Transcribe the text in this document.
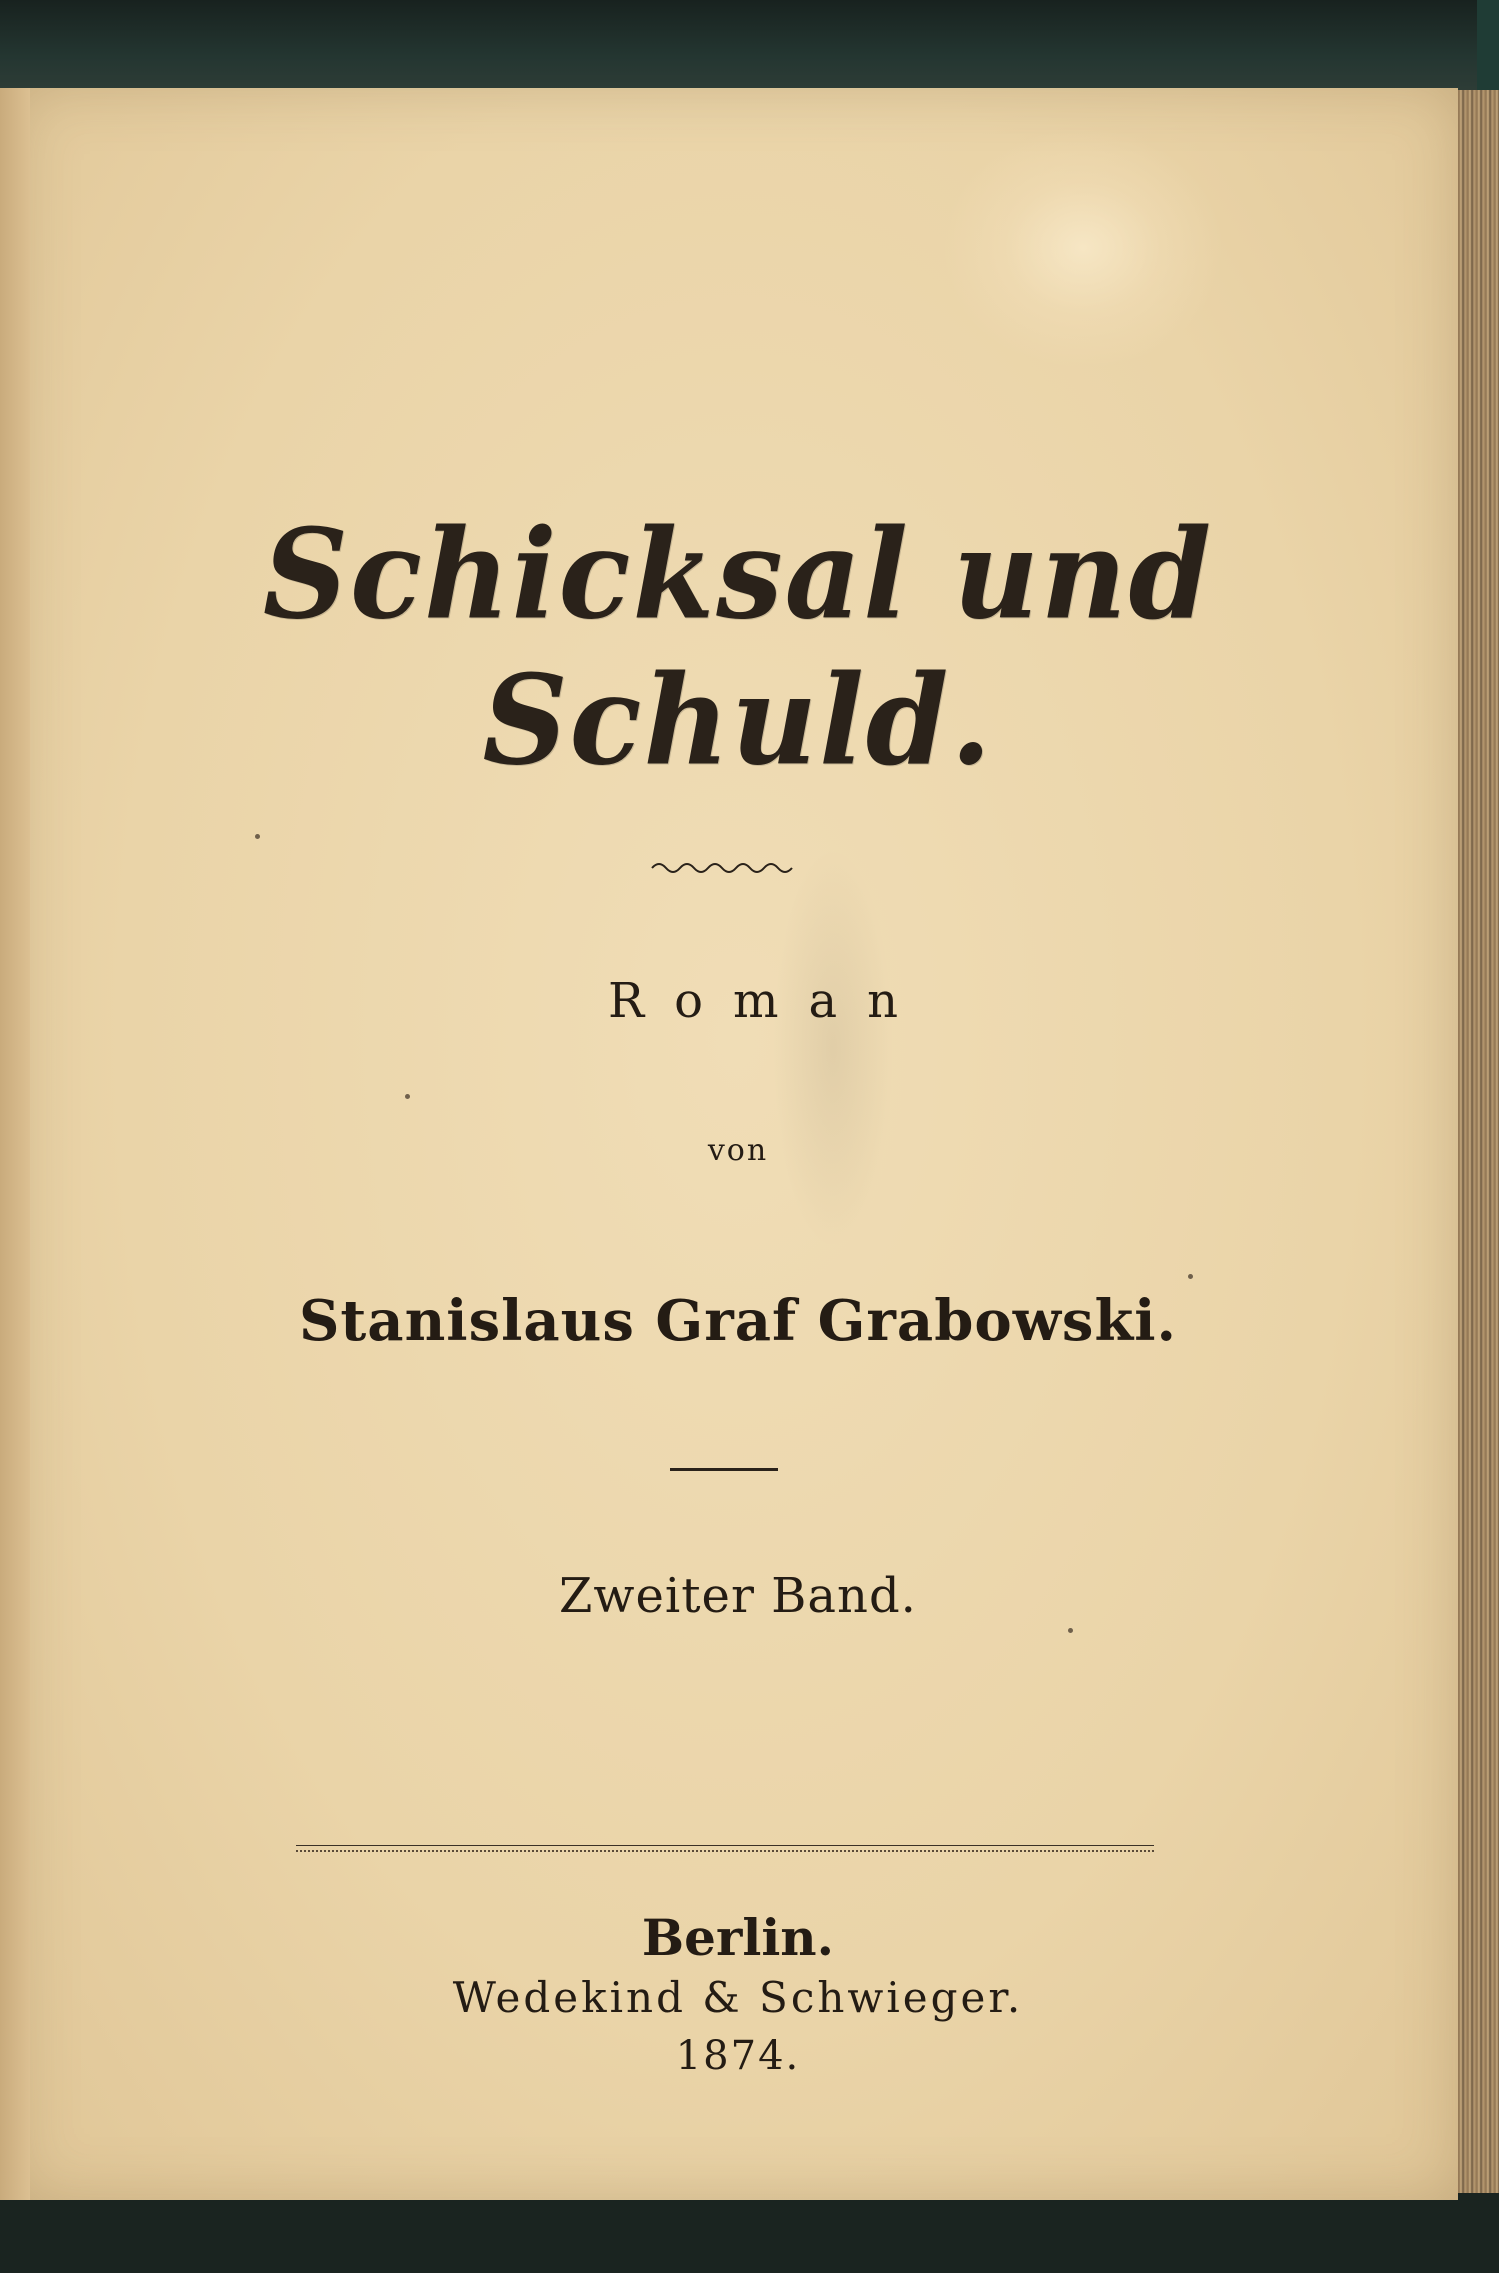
Schicksal und Schuld.

Roman

von

Stanislaus Graf Grabowski.

Zweiter Band.

Berlin.

Wedekind & Schwieger.

1874.
